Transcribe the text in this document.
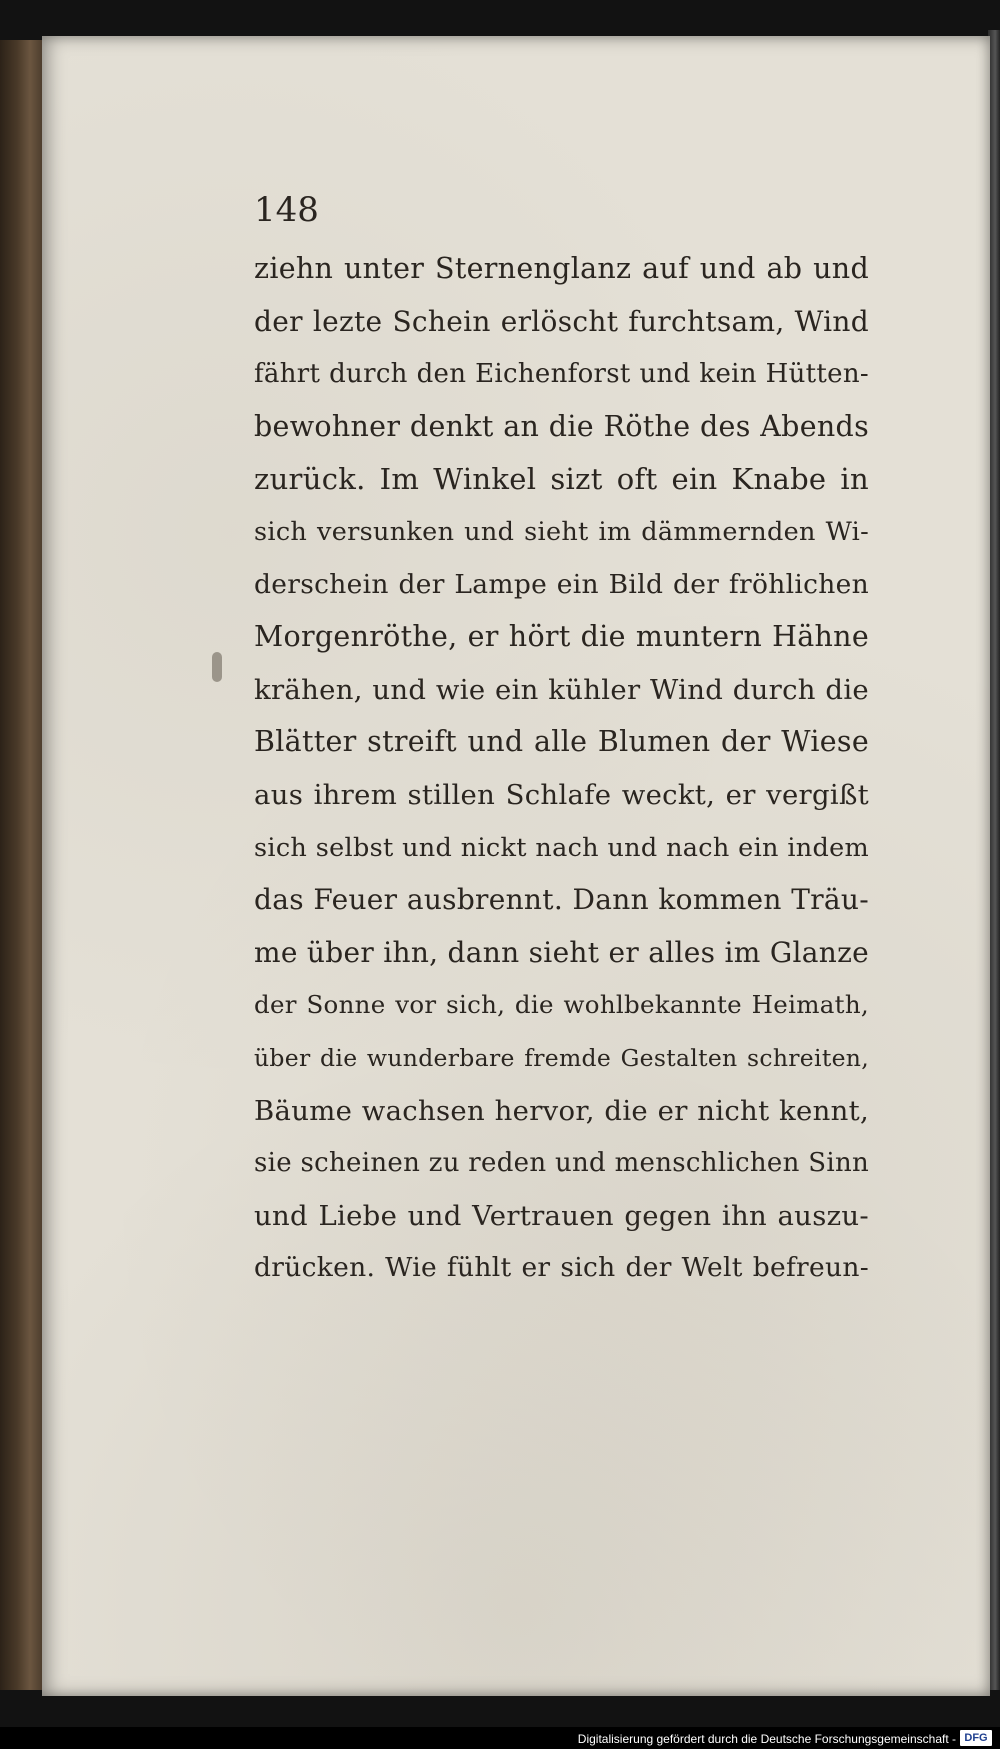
148
ziehn unter Sternenglanz auf und ab und
der lezte Schein erlöscht furchtsam, Wind
fährt durch den Eichenforst und kein Hütten-
bewohner denkt an die Röthe des Abends
zurück. Im Winkel sizt oft ein Knabe in
sich versunken und sieht im dämmernden Wi-
derschein der Lampe ein Bild der fröhlichen
Morgenröthe, er hört die muntern Hähne
krähen, und wie ein kühler Wind durch die
Blätter streift und alle Blumen der Wiese
aus ihrem stillen Schlafe weckt, er vergißt
sich selbst und nickt nach und nach ein indem
das Feuer ausbrennt. Dann kommen Träu-
me über ihn, dann sieht er alles im Glanze
der Sonne vor sich, die wohlbekannte Heimath,
über die wunderbare fremde Gestalten schreiten,
Bäume wachsen hervor, die er nicht kennt,
sie scheinen zu reden und menschlichen Sinn
und Liebe und Vertrauen gegen ihn auszu-
drücken. Wie fühlt er sich der Welt befreun-
Digitalisierung gefördert durch die Deutsche Forschungsgemeinschaft - DFG
